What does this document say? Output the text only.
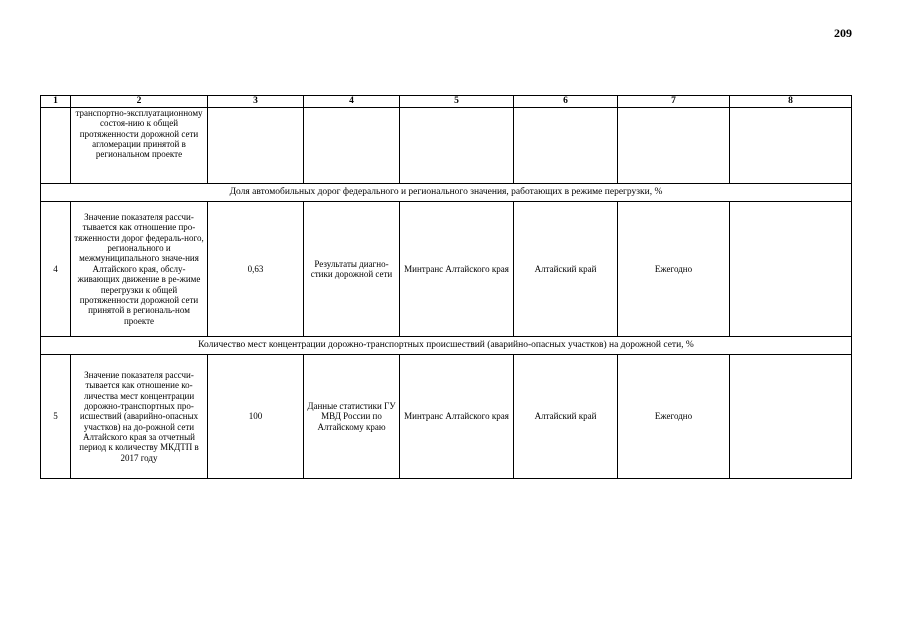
209
1	2	3	4	5	6	7	8
	транспортно-эксплуатационному состоя-нию к общей протяженности дорожной сети агломерации принятой в региональном проекте						
Доля автомобильных дорог федерального и регионального значения, работающих в режиме перегрузки, %							
4	Значение показателя рассчи-тывается как отношение про-тяженности дорог федераль-ного, регионального и межмуниципального значе-ния Алтайского края, обслу-живающих движение в ре-жиме перегрузки к общей протяженности дорожной сети принятой в региональ-ном проекте	0,63	Результаты диагно-стики дорожной сети	Минтранс Алтайского края	Алтайский край	Ежегодно	
Количество мест концентрации дорожно-транспортных происшествий (аварийно-опасных участков) на дорожной сети, %							
5	Значение показателя рассчи-тывается как отношение ко-личества мест концентрации дорожно-транспортных про-исшествий (аварийно-опасных участков) на до-рожной сети Алтайского края за отчетный период к количеству МКДТП в 2017 году	100	Данные статистики ГУ МВД России по Алтайскому краю	Минтранс Алтайского края	Алтайский край	Ежегодно	
